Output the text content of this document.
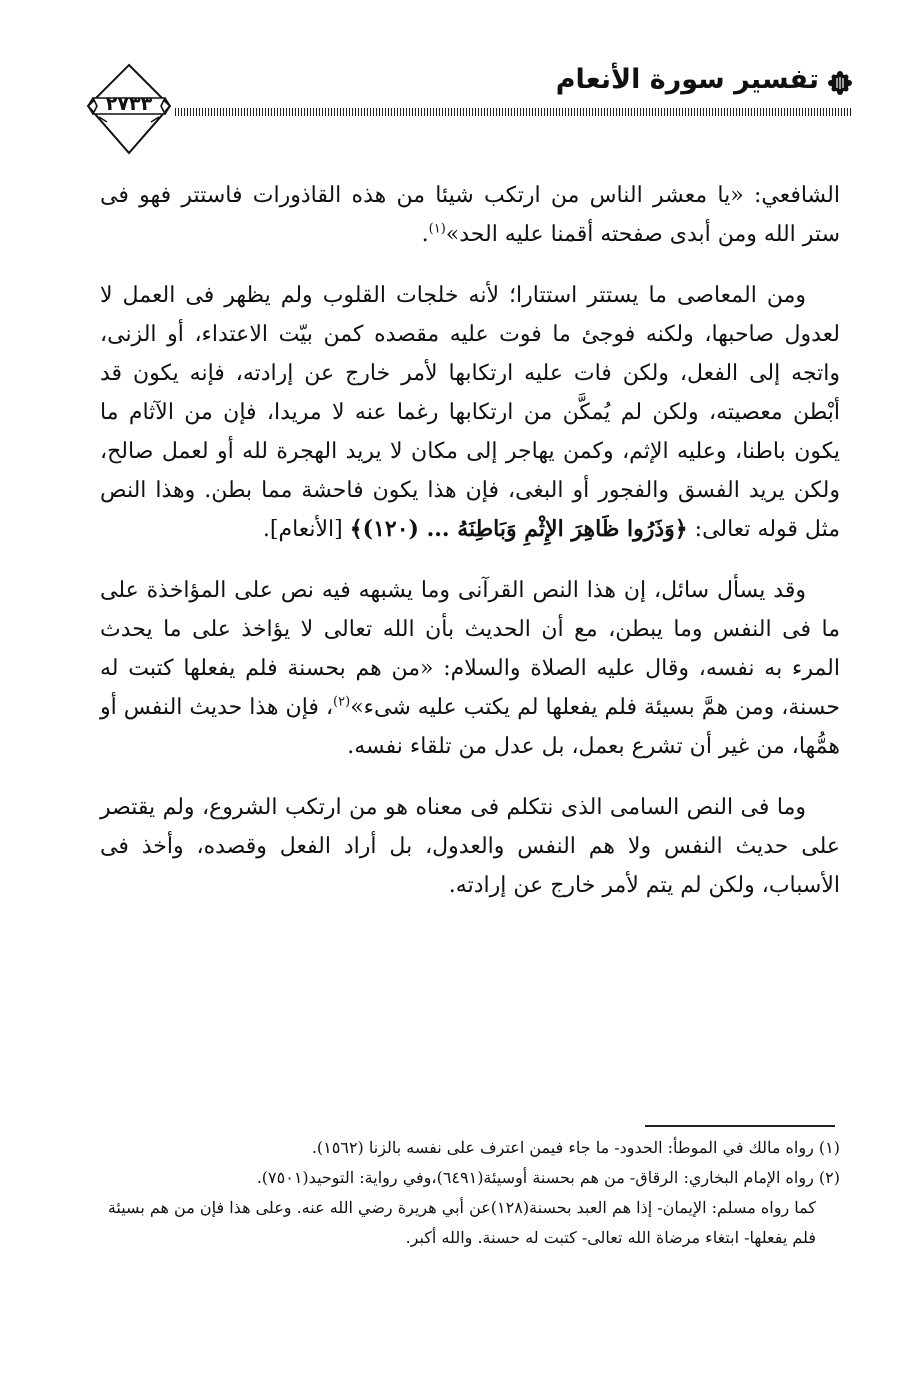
تفسير سورة الأنعام
٢٧٣٣

الشافعي: «يا معشر الناس من ارتكب شيئا من هذه القاذورات فاستتر فهو فى ستر الله ومن أبدى صفحته أقمنا عليه الحد»$^{(١)}$.

ومن المعاصى ما يستتر استتارا؛ لأنه خلجات القلوب ولم يظهر فى العمل لا لعدول صاحبها، ولكنه فوجئ ما فوت عليه مقصده كمن بيّت الاعتداء، أو الزنى، واتجه إلى الفعل، ولكن فات عليه ارتكابها لأمر خارج عن إرادته، فإنه يكون قد أبْطن معصيته، ولكن لم يُمكَّن من ارتكابها رغما عنه لا مريدا، فإن من الآثام ما يكون باطنا، وعليه الإثم، وكمن يهاجر إلى مكان لا يريد الهجرة لله أو لعمل صالح، ولكن يريد الفسق والفجور أو البغى، فإن هذا يكون فاحشة مما بطن. وهذا النص مثل قوله تعالى: ﴿وَذَرُوا ظَاهِرَ الإِثْمِ وَبَاطِنَهُ ... (١٢٠)﴾ [الأنعام].

وقد يسأل سائل، إن هذا النص القرآنى وما يشبهه فيه نص على المؤاخذة على ما فى النفس وما يبطن، مع أن الحديث بأن الله تعالى لا يؤاخذ على ما يحدث المرء به نفسه، وقال عليه الصلاة والسلام: «من هم بحسنة فلم يفعلها كتبت له حسنة، ومن همَّ بسيئة فلم يفعلها لم يكتب عليه شىء»$^{(٢)}$، فإن هذا حديث النفس أو همُّها، من غير أن تشرع بعمل، بل عدل من تلقاء نفسه.

وما فى النص السامى الذى نتكلم فى معناه هو من ارتكب الشروع، ولم يقتصر على حديث النفس ولا هم النفس والعدول، بل أراد الفعل وقصده، وأخذ فى الأسباب، ولكن لم يتم لأمر خارج عن إرادته.

(١) رواه مالك في الموطأ: الحدود- ما جاء فيمن اعترف على نفسه بالزنا (١٥٦٢).

(٢) رواه الإمام البخاري: الرقاق- من هم بحسنة أوسيئة(٦٤٩١)،وفي رواية: التوحيد(٧٥٠١).

كما رواه مسلم: الإيمان- إذا هم العبد بحسنة(١٢٨)عن أبي هريرة رضي الله عنه. وعلى هذا فإن من هم بسيئة فلم يفعلها- ابتغاء مرضاة الله تعالى- كتبت له حسنة. والله أكبر.
